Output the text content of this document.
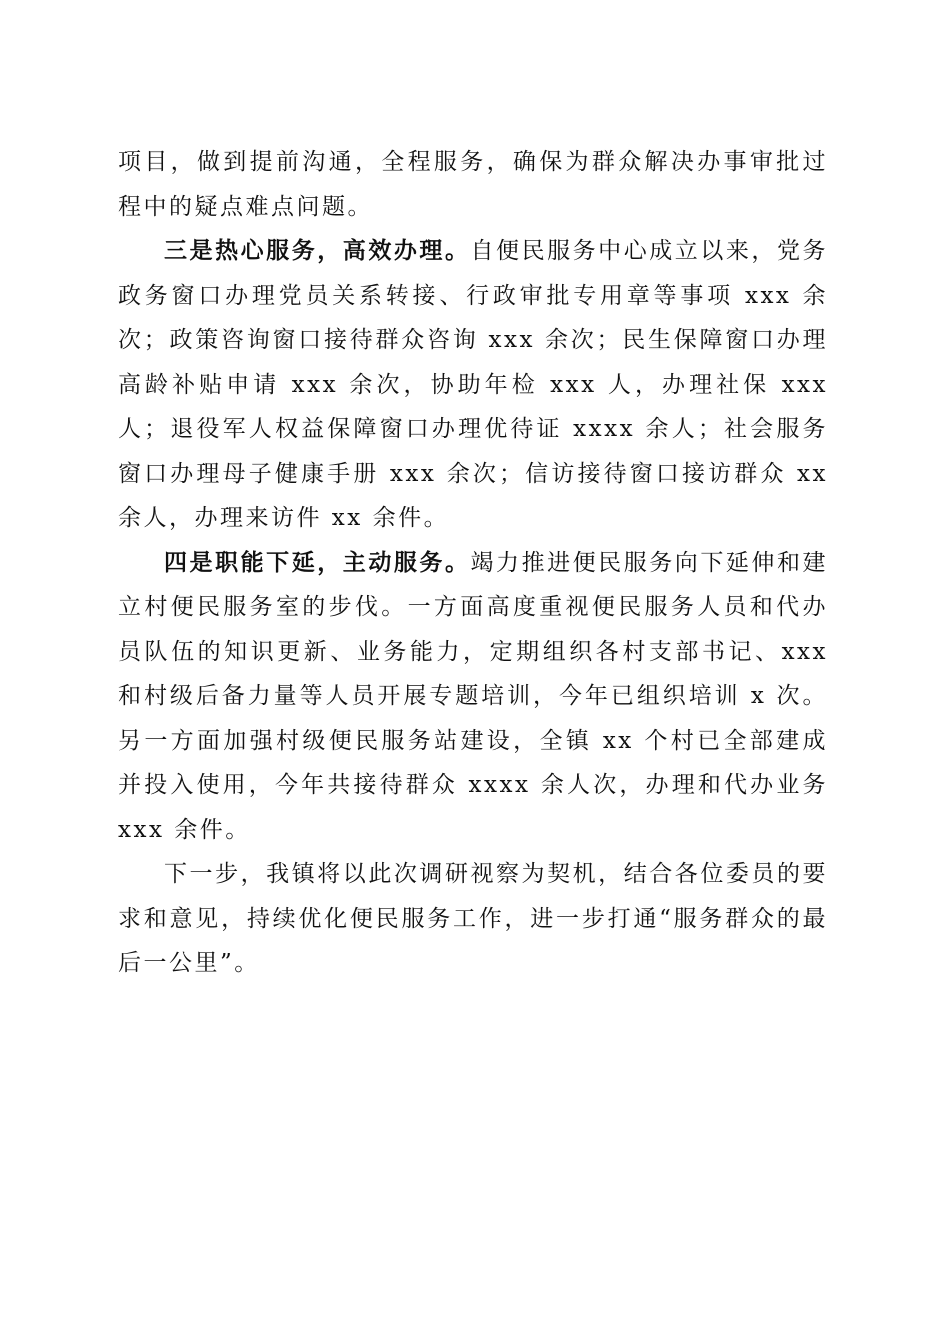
项目，做到提前沟通，全程服务，确保为群众解决办事审批过程中的疑点难点问题。

三是热心服务，高效办理。自便民服务中心成立以来，党务政务窗口办理党员关系转接、行政审批专用章等事项 xxx 余次；政策咨询窗口接待群众咨询 xxx 余次；民生保障窗口办理高龄补贴申请 xxx 余次，协助年检 xxx 人，办理社保 xxx 人；退役军人权益保障窗口办理优待证 xxxx 余人；社会服务窗口办理母子健康手册 xxx 余次；信访接待窗口接访群众 xx 余人，办理来访件 xx 余件。

四是职能下延，主动服务。竭力推进便民服务向下延伸和建立村便民服务室的步伐。一方面高度重视便民服务人员和代办员队伍的知识更新、业务能力，定期组织各村支部书记、xxx 和村级后备力量等人员开展专题培训，今年已组织培训 x 次。另一方面加强村级便民服务站建设，全镇 xx 个村已全部建成并投入使用，今年共接待群众 xxxx 余人次，办理和代办业务 xxx 余件。

下一步，我镇将以此次调研视察为契机，结合各位委员的要求和意见，持续优化便民服务工作，进一步打通“服务群众的最后一公里”。
